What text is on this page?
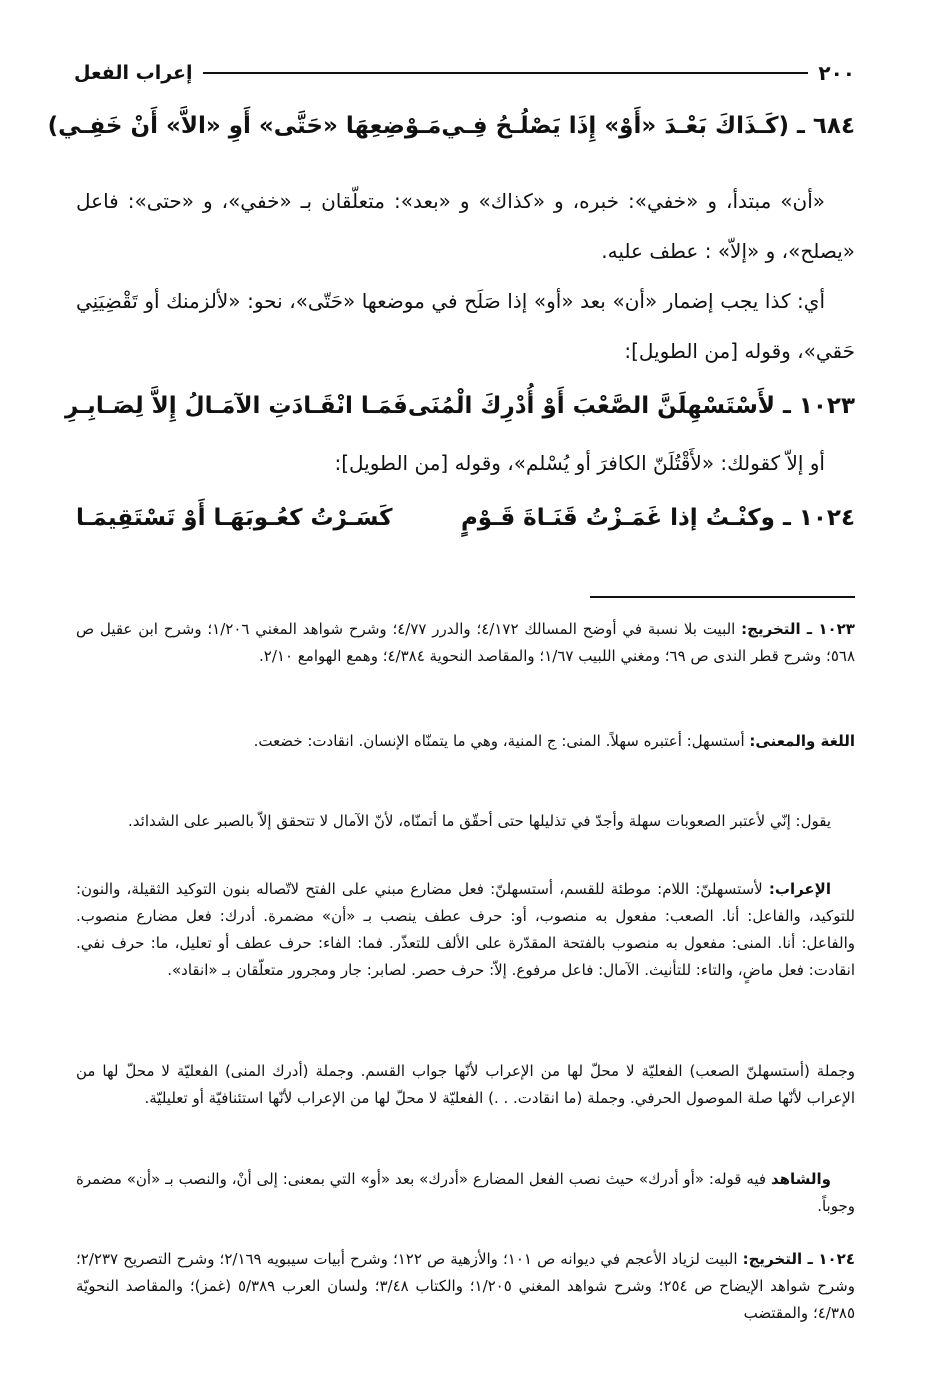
٢٠٠
إعراب الفعل
٦٨٤ ـ
(كَـذَاكَ بَعْـدَ «أَوْ» إِذَا يَصْلُـحُ فِـي
مَـوْضِعِهَا «حَتَّى» أَوِ «الاَّ» أَنْ خَفِـي)
«أن» مبتدأ، و «خفي»: خبره، و «كذاك» و «بعد»: متعلّقان بـ «خفي»، و «حتى»: فاعل «يصلح»، و «إلاّ» : عطف عليه.
أي: كذا يجب إضمار «أن» بعد «أو» إذا صَلَح في موضعها «حَتّى»، نحو: «لألزمنك أو تَقْضِيَنِي حَقي»، وقوله [من الطويل]:
١٠٢٣ ـ
لأَسْتَسْهِلَنَّ الصَّعْبَ أَوْ أُدْرِكَ الْمُنَى
فَمَـا انْقَـادَتِ الآمَـالُ إِلاَّ لِصَـابِـرِ
أو إلاّ كقولك: «لأَقْتُلَنّ الكافرَ أو يُسْلم»، وقوله [من الطويل]:
١٠٢٤ ـ
وكنْـتُ إذا غَمَـزْتُ قَنَـاةَ قَـوْمٍ
كَسَـرْتُ كعُـوبَهَـا أَوْ تَسْتَقِيمَـا
١٠٢٣ ـ التخريج: البيت بلا نسبة في أوضح المسالك ٤/١٧٢؛ والدرر ٤/٧٧؛ وشرح شواهد المغني ١/٢٠٦؛ وشرح ابن عقيل ص ٥٦٨؛ وشرح قطر الندى ص ٦٩؛ ومغني اللبيب ١/٦٧؛ والمقاصد النحوية ٤/٣٨٤؛ وهمع الهوامع ٢/١٠.
اللغة والمعنى: أستسهل: أعتبره سهلاً. المنى: ج المنية، وهي ما يتمنّاه الإنسان. انقادت: خضعت.
يقول: إنّي لأعتبر الصعوبات سهلة وأجدّ في تذليلها حتى أحقّق ما أتمنّاه، لأنّ الآمال لا تتحقق إلاّ بالصبر على الشدائد.
الإعراب: لأستسهلنّ: اللام: موطئة للقسم، أستسهلنّ: فعل مضارع مبني على الفتح لاتّصاله بنون التوكيد الثقيلة، والنون: للتوكيد، والفاعل: أنا. الصعب: مفعول به منصوب، أو: حرف عطف ينصب بـ «أن» مضمرة. أدرك: فعل مضارع منصوب. والفاعل: أنا. المنى: مفعول به منصوب بالفتحة المقدّرة على الألف للتعذّر. فما: الفاء: حرف عطف أو تعليل، ما: حرف نفي. انقادت: فعل ماضٍ، والتاء: للتأنيث. الآمال: فاعل مرفوع. إلاّ: حرف حصر. لصابر: جار ومجرور متعلّقان بـ «انقاد».
وجملة (أستسهلنّ الصعب) الفعليّة لا محلّ لها من الإعراب لأنّها جواب القسم. وجملة (أدرك المنى) الفعليّة لا محلّ لها من الإعراب لأنّها صلة الموصول الحرفي. وجملة (ما انقادت. . .) الفعليّة لا محلّ لها من الإعراب لأنّها استئنافيّة أو تعليليّة.
والشاهد فيه قوله: «أو أدرك» حيث نصب الفعل المضارع «أدرك» بعد «أو» التي بمعنى: إلى أنْ، والنصب بـ «أن» مضمرة وجوباً.
١٠٢٤ ـ التخريج: البيت لزياد الأعجم في ديوانه ص ١٠١؛ والأزهية ص ١٢٢؛ وشرح أبيات سيبويه ٢/١٦٩؛ وشرح التصريح ٢/٢٣٧؛ وشرح شواهد الإيضاح ص ٢٥٤؛ وشرح شواهد المغني ١/٢٠٥؛ والكتاب ٣/٤٨؛ ولسان العرب ٥/٣٨٩ (غمز)؛ والمقاصد النحويّة ٤/٣٨٥؛ والمقتضب
